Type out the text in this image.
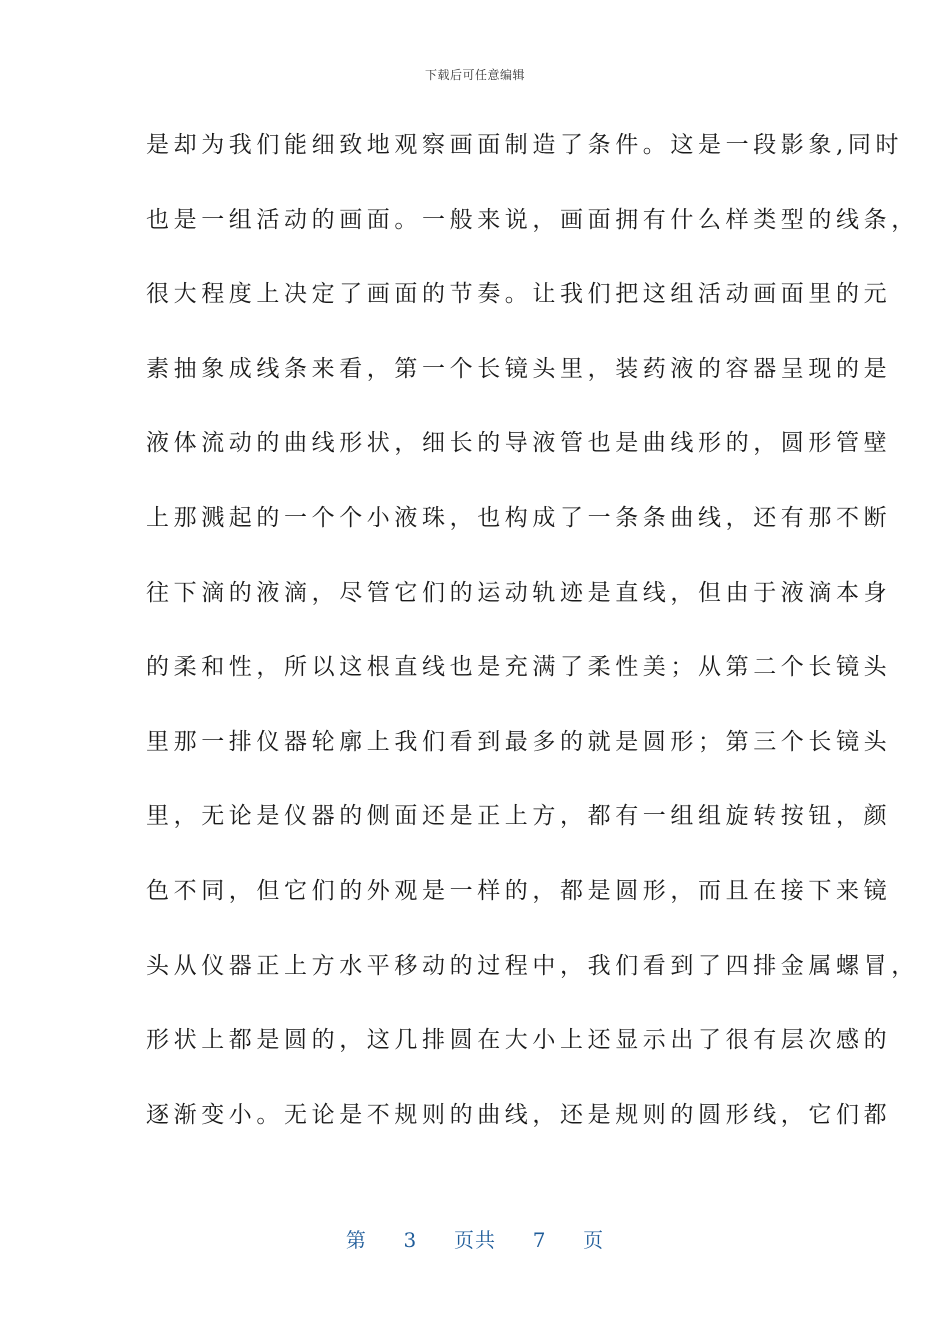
下载后可任意编辑
是却为我们能细致地观察画面制造了条件。这是一段影象,同时
也是一组活动的画面。一般来说，画面拥有什么样类型的线条，
很大程度上决定了画面的节奏。让我们把这组活动画面里的元
素抽象成线条来看，第一个长镜头里，装药液的容器呈现的是
液体流动的曲线形状，细长的导液管也是曲线形的，圆形管壁
上那溅起的一个个小液珠，也构成了一条条曲线，还有那不断
往下滴的液滴，尽管它们的运动轨迹是直线，但由于液滴本身
的柔和性，所以这根直线也是充满了柔性美；从第二个长镜头
里那一排仪器轮廓上我们看到最多的就是圆形；第三个长镜头
里，无论是仪器的侧面还是正上方，都有一组组旋转按钮，颜
色不同，但它们的外观是一样的，都是圆形，而且在接下来镜
头从仪器正上方水平移动的过程中，我们看到了四排金属螺冒，
形状上都是圆的，这几排圆在大小上还显示出了很有层次感的
逐渐变小。无论是不规则的曲线，还是规则的圆形线，它们都
第 3 页共 7 页
